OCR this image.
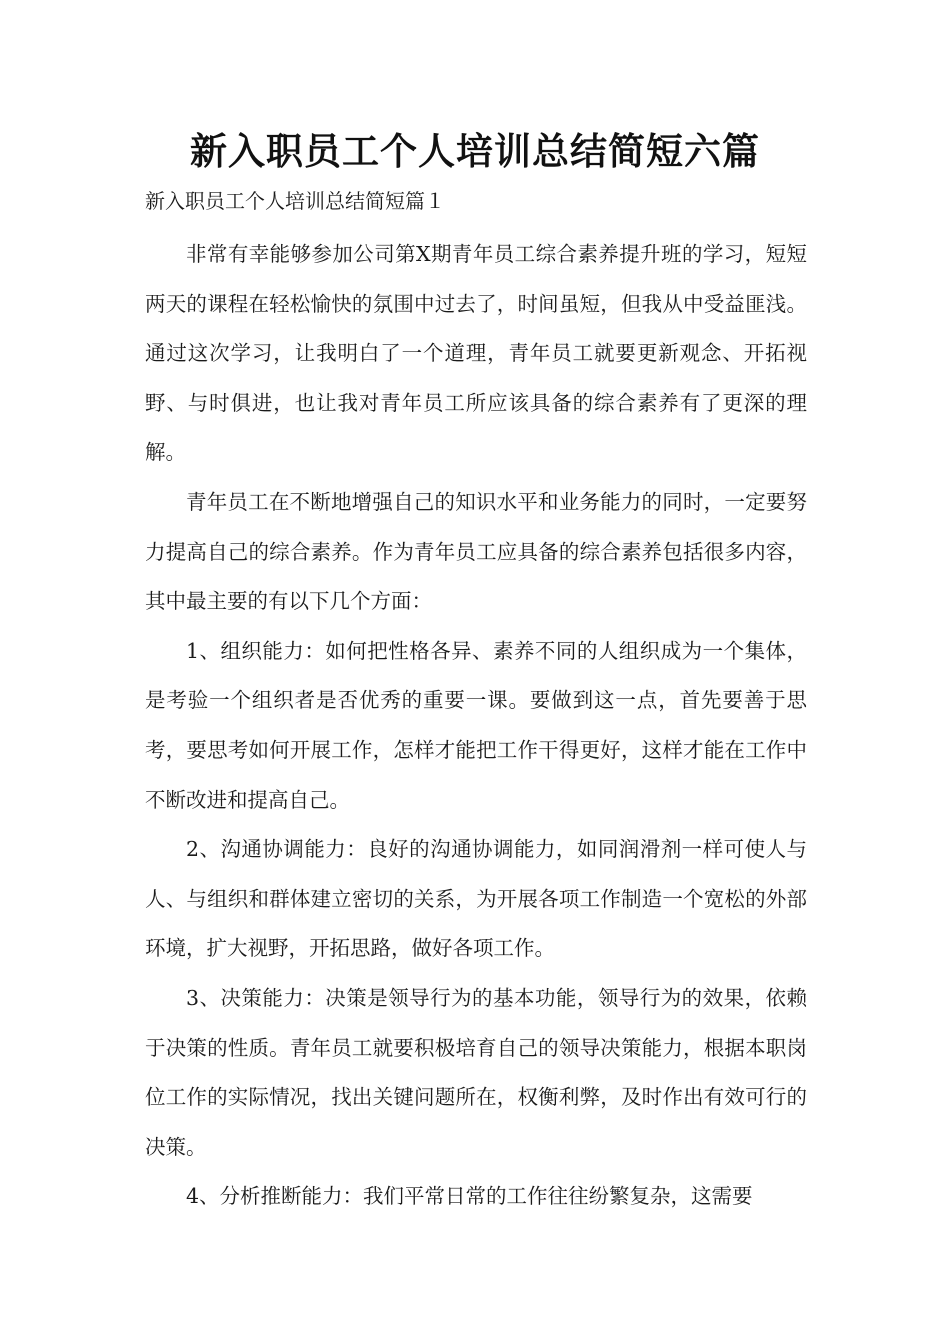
新入职员工个人培训总结简短六篇

新入职员工个人培训总结简短篇１

非常有幸能够参加公司第X期青年员工综合素养提升班的学习，短短两天的课程在轻松愉快的氛围中过去了，时间虽短，但我从中受益匪浅。通过这次学习，让我明白了一个道理，青年员工就要更新观念、开拓视野、与时俱进，也让我对青年员工所应该具备的综合素养有了更深的理解。

青年员工在不断地增强自己的知识水平和业务能力的同时，一定要努力提高自己的综合素养。作为青年员工应具备的综合素养包括很多内容，其中最主要的有以下几个方面：

1、组织能力：如何把性格各异、素养不同的人组织成为一个集体，是考验一个组织者是否优秀的重要一课。要做到这一点，首先要善于思考，要思考如何开展工作，怎样才能把工作干得更好，这样才能在工作中不断改进和提高自己。

2、沟通协调能力：良好的沟通协调能力，如同润滑剂一样可使人与人、与组织和群体建立密切的关系，为开展各项工作制造一个宽松的外部环境，扩大视野，开拓思路，做好各项工作。

3、决策能力：决策是领导行为的基本功能，领导行为的效果，依赖于决策的性质。青年员工就要积极培育自己的领导决策能力，根据本职岗位工作的实际情况，找出关键问题所在，权衡利弊，及时作出有效可行的决策。

4、分析推断能力：我们平常日常的工作往往纷繁复杂，这需要
